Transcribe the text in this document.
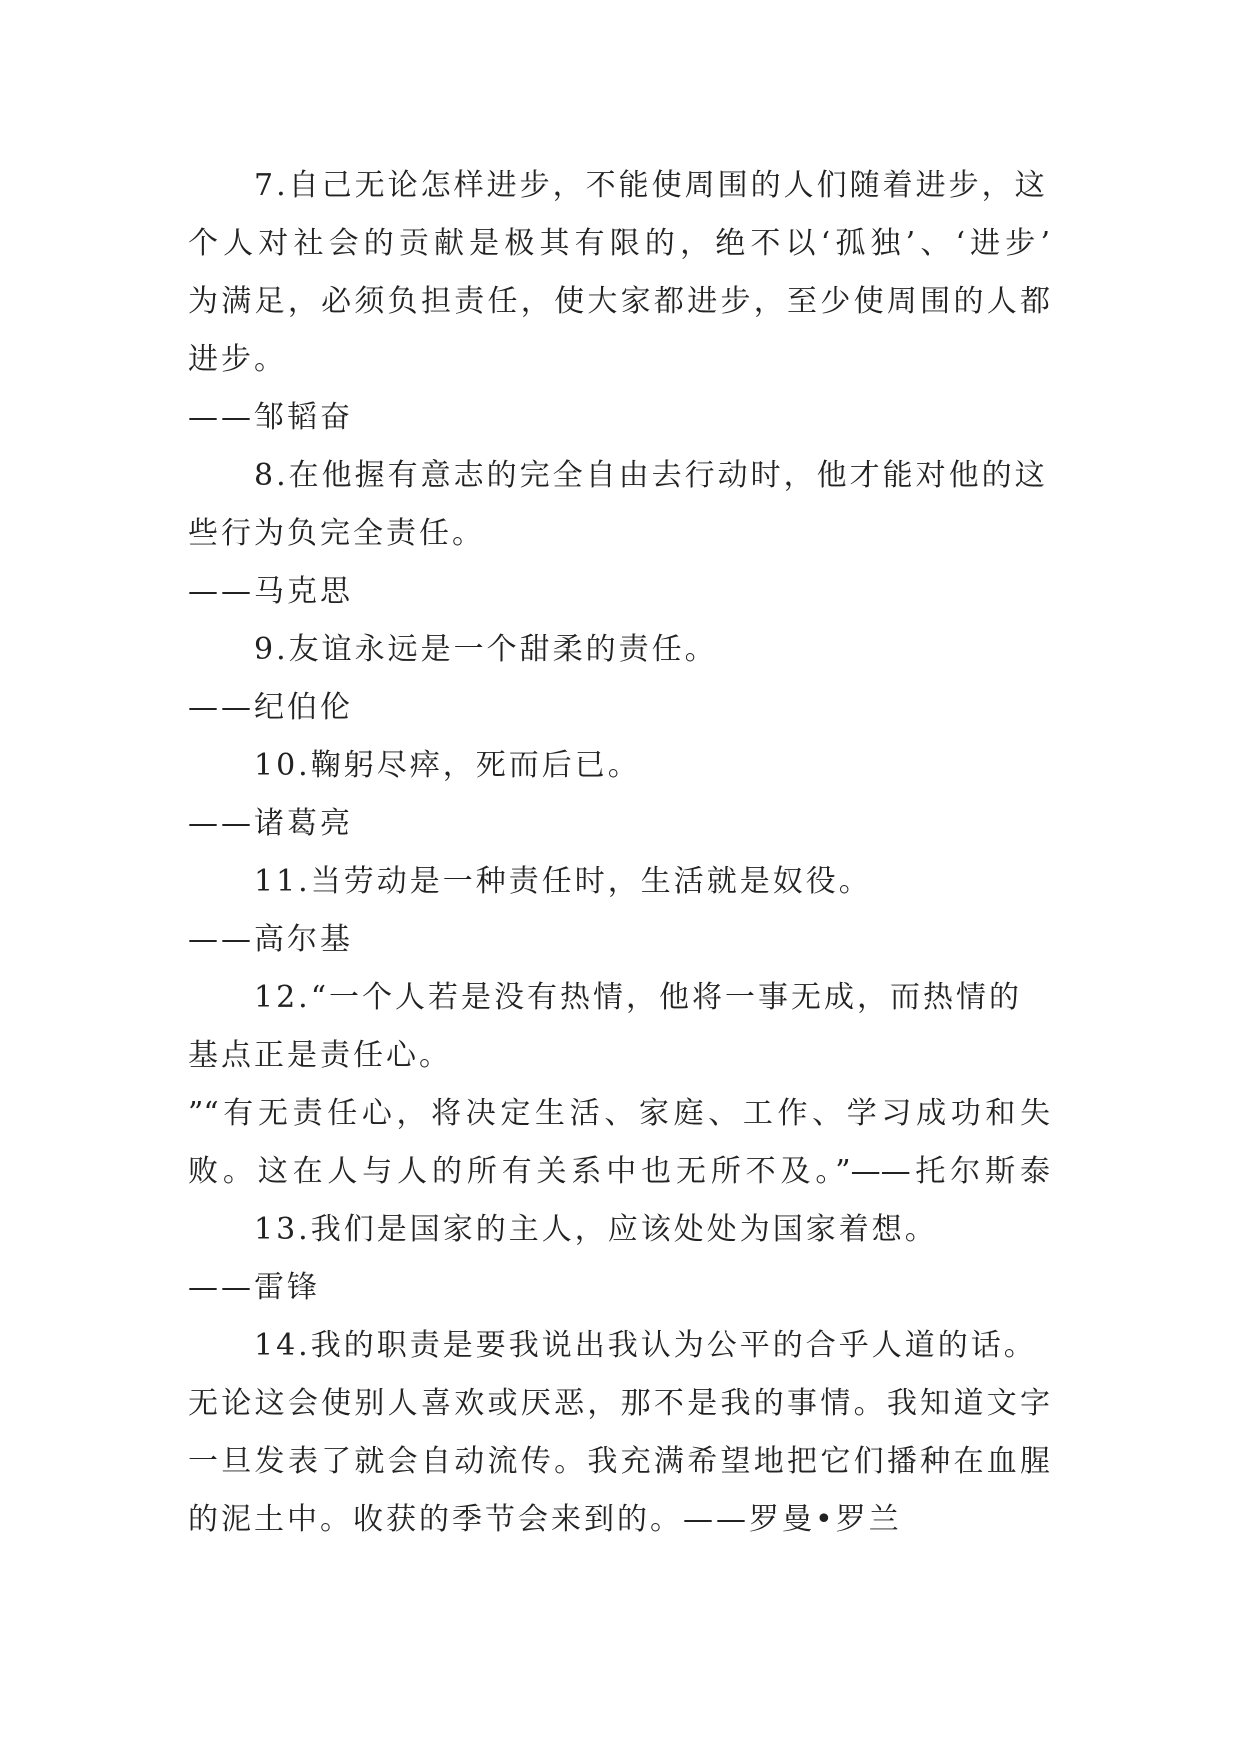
7.自己无论怎样进步，不能使周围的人们随着进步，这
个人对社会的贡献是极其有限的，绝不以‘孤独’、‘进步’
为满足，必须负担责任，使大家都进步，至少使周围的人都
进步。
——邹韬奋
8.在他握有意志的完全自由去行动时，他才能对他的这
些行为负完全责任。
——马克思
9.友谊永远是一个甜柔的责任。
——纪伯伦
10.鞠躬尽瘁，死而后已。
——诸葛亮
11.当劳动是一种责任时，生活就是奴役。
——高尔基
12.“一个人若是没有热情，他将一事无成，而热情的
基点正是责任心。
”“有无责任心，将决定生活、家庭、工作、学习成功和失
败。这在人与人的所有关系中也无所不及。”——托尔斯泰
13.我们是国家的主人，应该处处为国家着想。
——雷锋
14.我的职责是要我说出我认为公平的合乎人道的话。
无论这会使别人喜欢或厌恶，那不是我的事情。我知道文字
一旦发表了就会自动流传。我充满希望地把它们播种在血腥
的泥土中。收获的季节会来到的。——罗曼•罗兰
